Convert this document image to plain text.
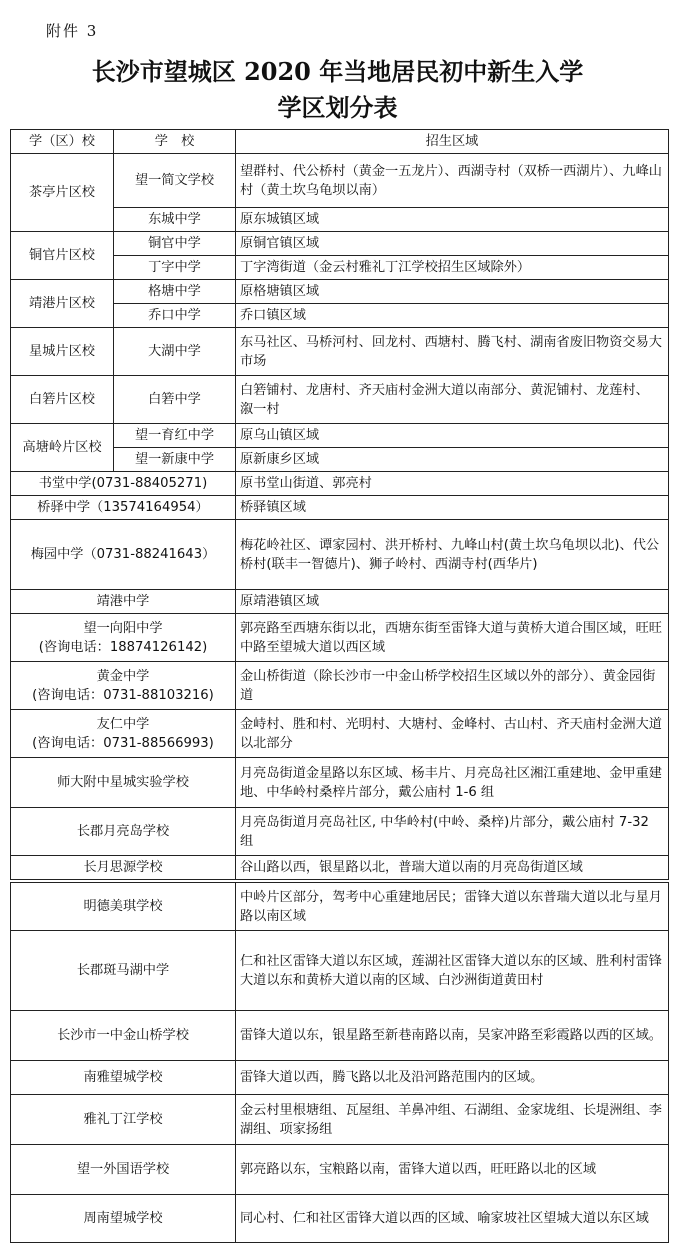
附件 3
长沙市望城区 2020 年当地居民初中新生入学
学区划分表
学（区）校	学　校	招生区域
茶亭片区校	望一简文学校	望群村、代公桥村（黄金一五龙片）、西湖寺村（双桥一西湖片）、九峰山村（黄土坎乌龟坝以南）
	东城中学	原东城镇区域
铜官片区校	铜官中学	原铜官镇区域
	丁字中学	丁字湾街道（金云村雅礼丁江学校招生区域除外）
靖港片区校	格塘中学	原格塘镇区域
	乔口中学	乔口镇区域
星城片区校	大湖中学	东马社区、马桥河村、回龙村、西塘村、腾飞村、湖南省废旧物资交易大市场
白箬片区校	白箬中学	白箬铺村、龙唐村、齐天庙村金洲大道以南部分、黄泥铺村、龙莲村、 溆一村
高塘岭片区校	望一育红中学	原乌山镇区域
	望一新康中学	原新康乡区域
书堂中学(0731-88405271)		原书堂山街道、郭亮村
桥驿中学（13574164954）		桥驿镇区域
梅园中学（0731-88241643）		梅花岭社区、谭家园村、洪开桥村、九峰山村(黄土坎乌龟坝以北)、代公桥村(联丰一智德片)、狮子岭村、西湖寺村(西华片)
靖港中学		原靖港镇区域

望一向阳中学
(咨询电话：18874126142)		郭亮路至西塘东街以北，西塘东街至雷锋大道与黄桥大道合围区域，旺旺中路至望城大道以西区域

黄金中学
(咨询电话：0731-88103216)		金山桥街道（除长沙市一中金山桥学校招生区域以外的部分）、黄金园街道

友仁中学
(咨询电话：0731-88566993)		金峙村、胜和村、光明村、大塘村、金峰村、古山村、齐天庙村金洲大道以北部分
师大附中星城实验学校		月亮岛街道金星路以东区域、杨丰片、月亮岛社区湘江重建地、金甲重建地、中华岭村桑梓片部分，戴公庙村 1-6 组
长郡月亮岛学校		月亮岛街道月亮岛社区, 中华岭村(中岭、桑梓)片部分，戴公庙村 7-32 组
长月思源学校		谷山路以西，银星路以北，普瑞大道以南的月亮岛街道区域

明德美琪学校		中岭片区部分，驾考中心重建地居民；雷锋大道以东普瑞大道以北与星月路以南区域
长郡斑马湖中学		仁和社区雷锋大道以东区域，莲湖社区雷锋大道以东的区域、胜利村雷锋大道以东和黄桥大道以南的区域、白沙洲街道黄田村
长沙市一中金山桥学校		雷锋大道以东，银星路至新巷南路以南，吴家冲路至彩霞路以西的区域。
南雅望城学校		雷锋大道以西，腾飞路以北及沿河路范围内的区域。
雅礼丁江学校		金云村里根塘组、瓦屋组、羊鼻冲组、石湖组、金家垅组、长堤洲组、李湖组、项家扬组
望一外国语学校		郭亮路以东，宝粮路以南，雷锋大道以西，旺旺路以北的区域
周南望城学校		同心村、仁和社区雷锋大道以西的区域、喻家坡社区望城大道以东区域
